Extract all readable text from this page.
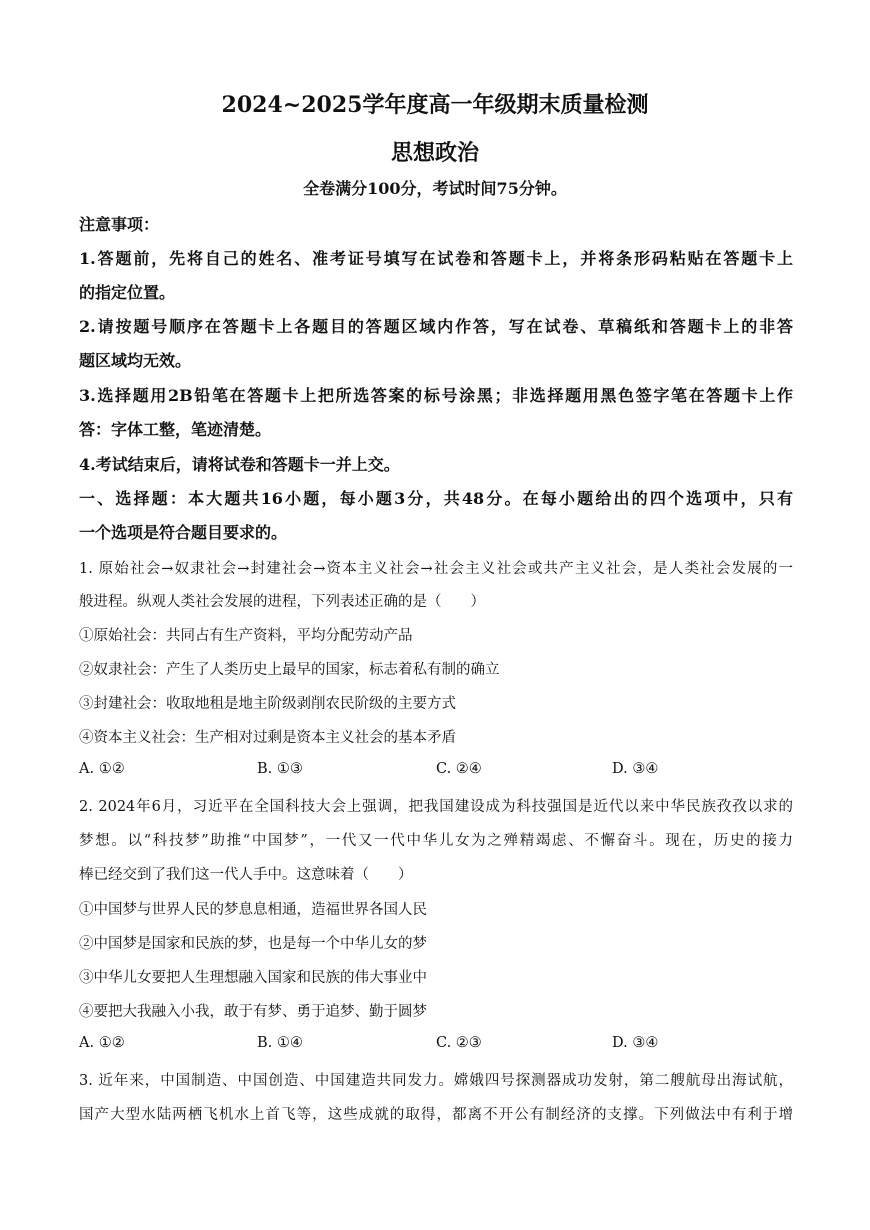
2024~2025学年度高一年级期末质量检测
思想政治
全卷满分100分，考试时间75分钟。
注意事项：
1.答题前，先将自己的姓名、准考证号填写在试卷和答题卡上，并将条形码粘贴在答题卡上
的指定位置。
2.请按题号顺序在答题卡上各题目的答题区域内作答，写在试卷、草稿纸和答题卡上的非答
题区域均无效。
3.选择题用2B铅笔在答题卡上把所选答案的标号涂黑；非选择题用黑色签字笔在答题卡上作
答：字体工整，笔迹清楚。
4.考试结束后，请将试卷和答题卡一并上交。
一、选择题：本大题共16小题，每小题3分，共48分。在每小题给出的四个选项中，只有
一个选项是符合题目要求的。
1. 原始社会→奴隶社会→封建社会→资本主义社会→社会主义社会或共产主义社会，是人类社会发展的一
般进程。纵观人类社会发展的进程，下列表述正确的是（　　）
①原始社会：共同占有生产资料，平均分配劳动产品
②奴隶社会：产生了人类历史上最早的国家，标志着私有制的确立
③封建社会：收取地租是地主阶级剥削农民阶级的主要方式
④资本主义社会：生产相对过剩是资本主义社会的基本矛盾
A. ①②	B. ①③	C. ②④	D. ③④
2. 2024年6月，习近平在全国科技大会上强调，把我国建设成为科技强国是近代以来中华民族孜孜以求的
梦想。以“科技梦”助推“中国梦”，一代又一代中华儿女为之殚精竭虑、不懈奋斗。现在，历史的接力
棒已经交到了我们这一代人手中。这意味着（　　）
①中国梦与世界人民的梦息息相通，造福世界各国人民
②中国梦是国家和民族的梦，也是每一个中华儿女的梦
③中华儿女要把人生理想融入国家和民族的伟大事业中
④要把大我融入小我，敢于有梦、勇于追梦、勤于圆梦
A. ①②	B. ①④	C. ②③	D. ③④
3. 近年来，中国制造、中国创造、中国建造共同发力。嫦娥四号探测器成功发射，第二艘航母出海试航，
国产大型水陆两栖飞机水上首飞等，这些成就的取得，都离不开公有制经济的支撑。下列做法中有利于增
